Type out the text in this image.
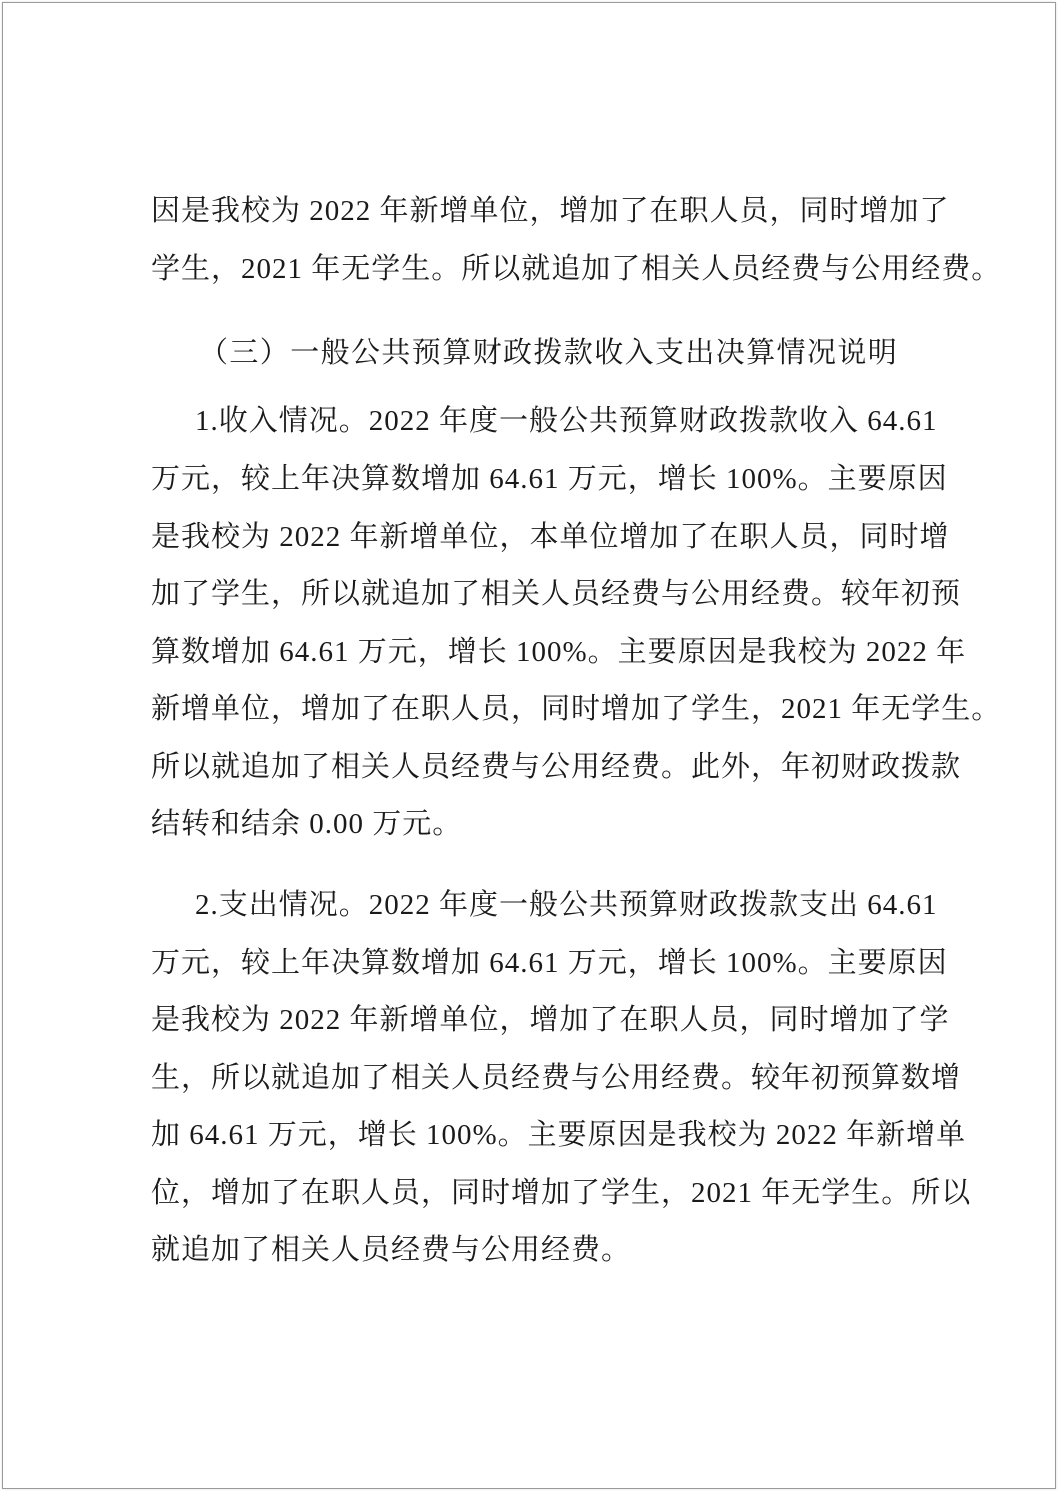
因是我校为 2022 年新增单位，增加了在职人员，同时增加了
学生，2021 年无学生。所以就追加了相关人员经费与公用经费。
（三）一般公共预算财政拨款收入支出决算情况说明
1.收入情况。2022 年度一般公共预算财政拨款收入 64.61
万元，较上年决算数增加 64.61 万元，增长 100%。主要原因
是我校为 2022 年新增单位，本单位增加了在职人员，同时增
加了学生，所以就追加了相关人员经费与公用经费。较年初预
算数增加 64.61 万元，增长 100%。主要原因是我校为 2022 年
新增单位，增加了在职人员，同时增加了学生，2021 年无学生。
所以就追加了相关人员经费与公用经费。此外，年初财政拨款
结转和结余 0.00 万元。
2.支出情况。2022 年度一般公共预算财政拨款支出 64.61
万元，较上年决算数增加 64.61 万元，增长 100%。主要原因
是我校为 2022 年新增单位，增加了在职人员，同时增加了学
生，所以就追加了相关人员经费与公用经费。较年初预算数增
加 64.61 万元，增长 100%。主要原因是我校为 2022 年新增单
位，增加了在职人员，同时增加了学生，2021 年无学生。所以
就追加了相关人员经费与公用经费。
